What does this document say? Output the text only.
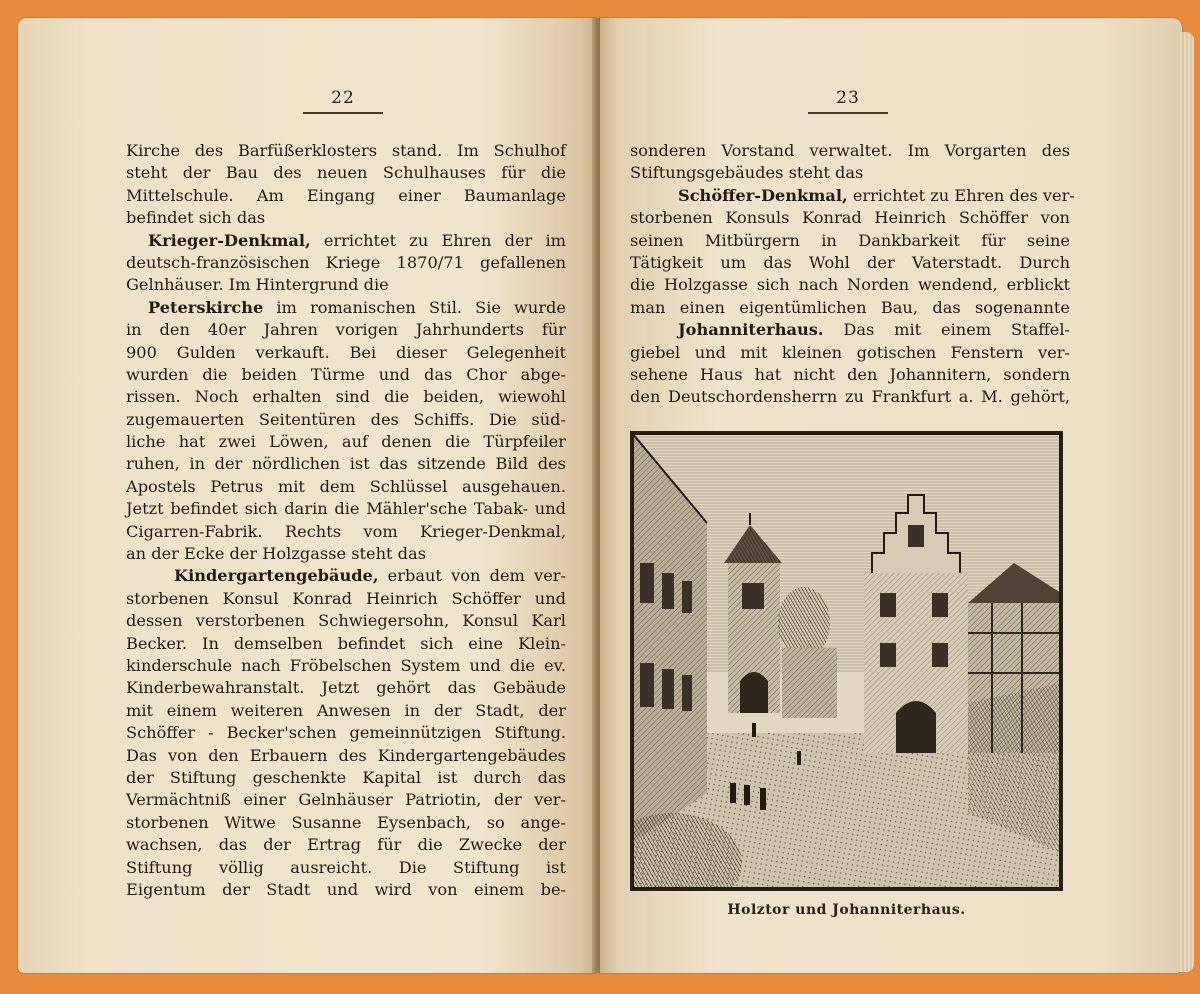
22
Kirche des Barfüßerklosters stand. Im Schulhof
steht der Bau des neuen Schulhauses für die
Mittelschule. Am Eingang einer Baumanlage
befindet sich das
Krieger-Denkmal, errichtet zu Ehren der im
deutsch-französischen Kriege 1870/71 gefallenen
Gelnhäuser. Im Hintergrund die
Peterskirche im romanischen Stil. Sie wurde
in den 40er Jahren vorigen Jahrhunderts für
900 Gulden verkauft. Bei dieser Gelegenheit
wurden die beiden Türme und das Chor abge-
rissen. Noch erhalten sind die beiden, wiewohl
zugemauerten Seitentüren des Schiffs. Die süd-
liche hat zwei Löwen, auf denen die Türpfeiler
ruhen, in der nördlichen ist das sitzende Bild des
Apostels Petrus mit dem Schlüssel ausgehauen.
Jetzt befindet sich darin die Mähler'sche Tabak- und
Cigarren-Fabrik. Rechts vom Krieger-Denkmal,
an der Ecke der Holzgasse steht das
Kindergartengebäude, erbaut von dem ver-
storbenen Konsul Konrad Heinrich Schöffer und
dessen verstorbenen Schwiegersohn, Konsul Karl
Becker. In demselben befindet sich eine Klein-
kinderschule nach Fröbelschen System und die ev.
Kinderbewahranstalt. Jetzt gehört das Gebäude
mit einem weiteren Anwesen in der Stadt, der
Schöffer - Becker'schen gemeinnützigen Stiftung.
Das von den Erbauern des Kindergartengebäudes
der Stiftung geschenkte Kapital ist durch das
Vermächtniß einer Gelnhäuser Patriotin, der ver-
storbenen Witwe Susanne Eysenbach, so ange-
wachsen, das der Ertrag für die Zwecke der
Stiftung völlig ausreicht. Die Stiftung ist
Eigentum der Stadt und wird von einem be-
23
sonderen Vorstand verwaltet. Im Vorgarten des
Stiftungsgebäudes steht das
Schöffer-Denkmal, errichtet zu Ehren des ver-
storbenen Konsuls Konrad Heinrich Schöffer von
seinen Mitbürgern in Dankbarkeit für seine
Tätigkeit um das Wohl der Vaterstadt. Durch
die Holzgasse sich nach Norden wendend, erblickt
man einen eigentümlichen Bau, das sogenannte
Johanniterhaus. Das mit einem Staffel-
giebel und mit kleinen gotischen Fenstern ver-
sehene Haus hat nicht den Johannitern, sondern
den Deutschordensherrn zu Frankfurt a. M. gehört,
Holztor und Johanniterhaus.
